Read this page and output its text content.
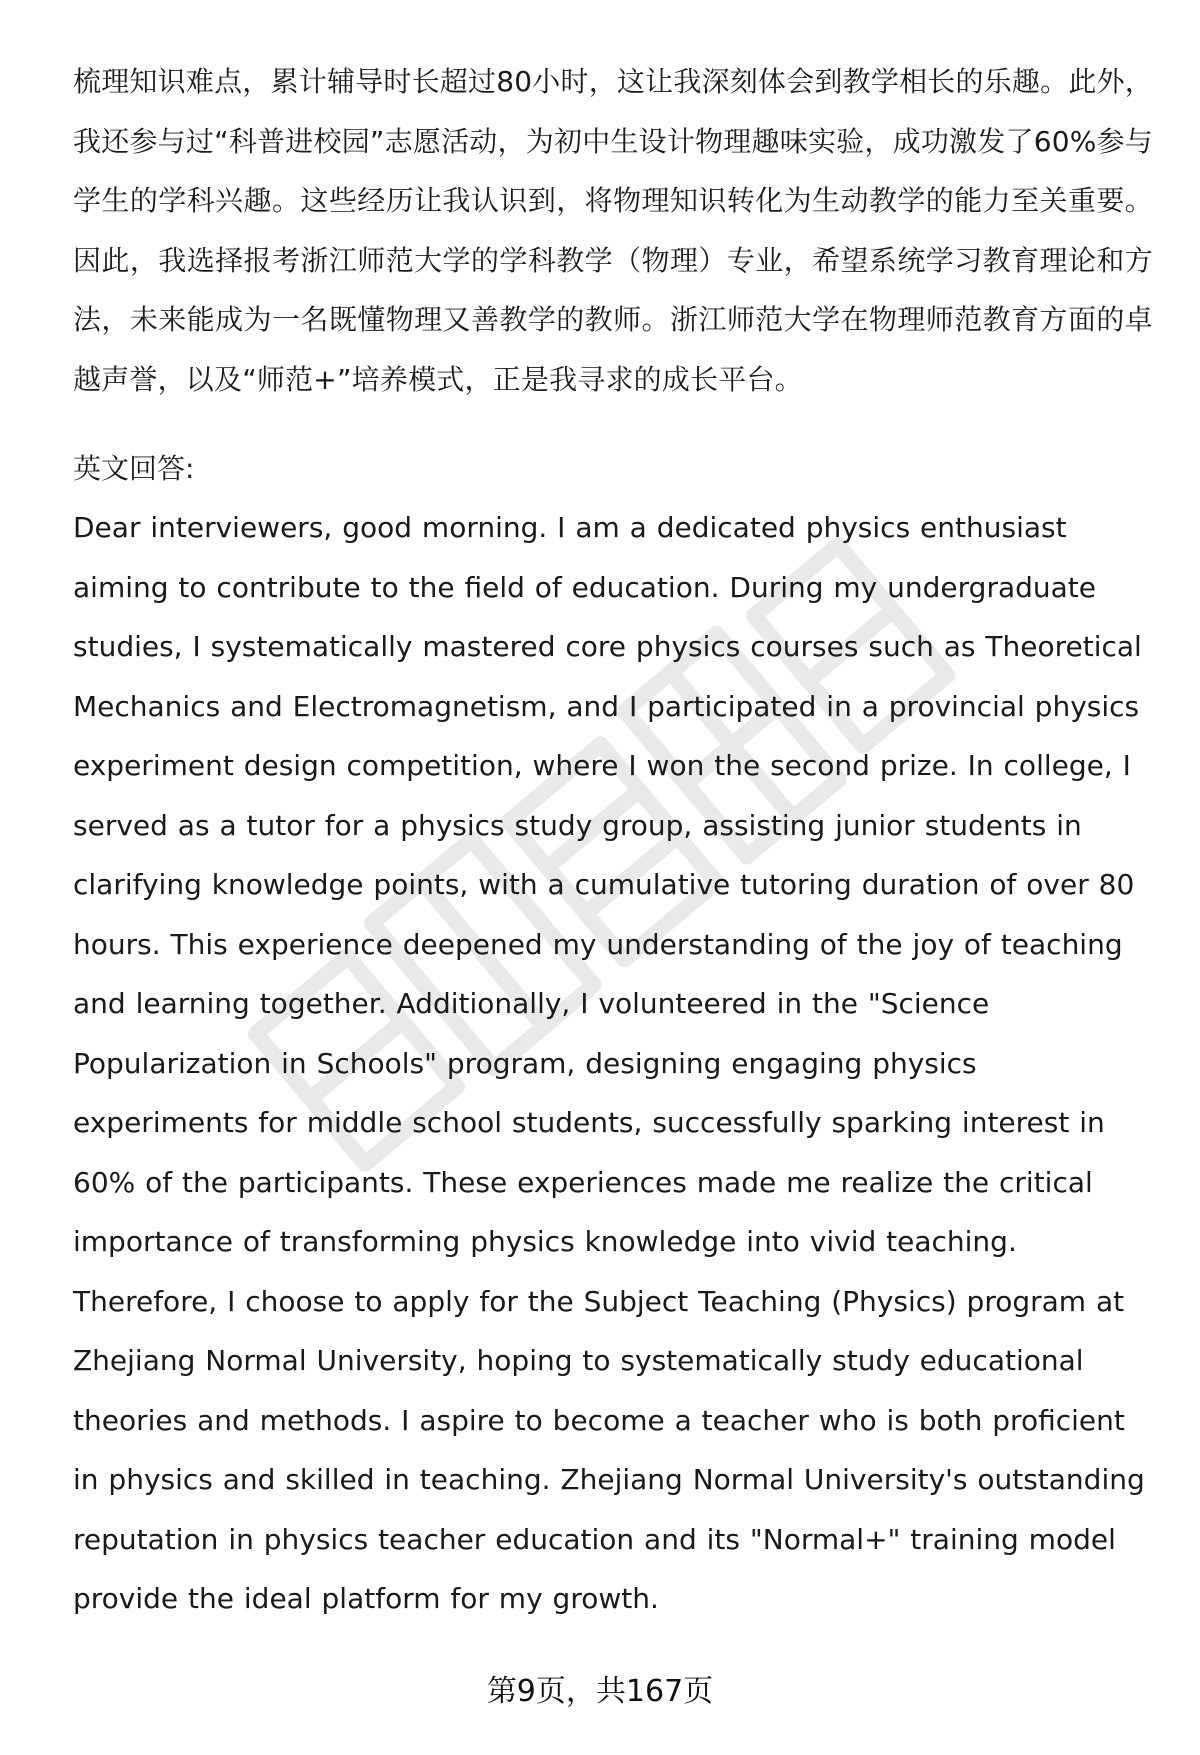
梳理知识难点，累计辅导时长超过80小时，这让我深刻体会到教学相长的乐趣。此外，我还参与过“科普进校园”志愿活动，为初中生设计物理趣味实验，成功激发了60%参与学生的学科兴趣。这些经历让我认识到，将物理知识转化为生动教学的能力至关重要。因此，我选择报考浙江师范大学的学科教学（物理）专业，希望系统学习教育理论和方法，未来能成为一名既懂物理又善教学的教师。浙江师范大学在物理师范教育方面的卓越声誉，以及“师范+”培养模式，正是我寻求的成长平台。

英文回答:

Dear interviewers, good morning. I am a dedicated physics enthusiast aiming to contribute to the field of education. During my undergraduate studies, I systematically mastered core physics courses such as Theoretical Mechanics and Electromagnetism, and I participated in a provincial physics experiment design competition, where I won the second prize. In college, I served as a tutor for a physics study group, assisting junior students in clarifying knowledge points, with a cumulative tutoring duration of over 80 hours. This experience deepened my understanding of the joy of teaching and learning together. Additionally, I volunteered in the "Science Popularization in Schools" program, designing engaging physics experiments for middle school students, successfully sparking interest in 60% of the participants. These experiences made me realize the critical importance of transforming physics knowledge into vivid teaching. Therefore, I choose to apply for the Subject Teaching (Physics) program at Zhejiang Normal University, hoping to systematically study educational theories and methods. I aspire to become a teacher who is both proficient in physics and skilled in teaching. Zhejiang Normal University's outstanding reputation in physics teacher education and its "Normal+" training model provide the ideal platform for my growth.

第9页，共167页
